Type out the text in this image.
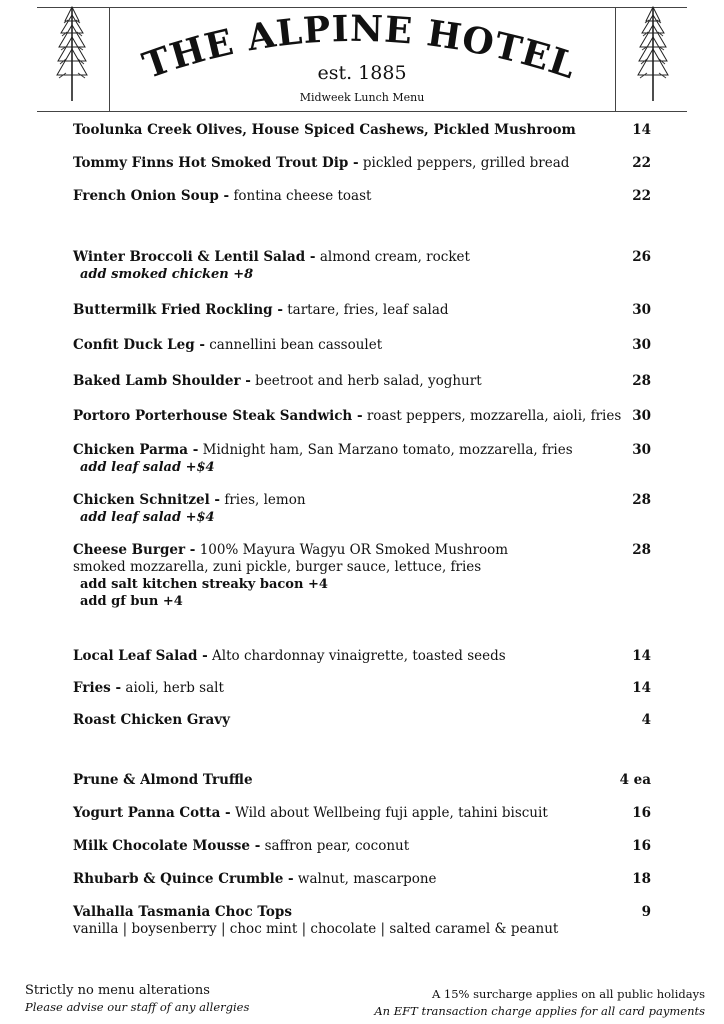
THE ALPINE HOTEL
est. 1885
Midweek Lunch Menu
Toolunka Creek Olives, House Spiced Cashews, Pickled Mushroom	14
Tommy Finns Hot Smoked Trout Dip - pickled peppers, grilled bread	22
French Onion Soup - fontina cheese toast	22
Winter Broccoli & Lentil Salad - almond cream, rocket	26
add smoked chicken +8
Buttermilk Fried Rockling - tartare, fries, leaf salad	30
Confit Duck Leg - cannellini bean cassoulet	30
Baked Lamb Shoulder - beetroot and herb salad, yoghurt	28
Portoro Porterhouse Steak Sandwich - roast peppers, mozzarella, aioli, fries 30
Chicken Parma - Midnight ham, San Marzano tomato, mozzarella, fries	30
add leaf salad +$4
Chicken Schnitzel - fries, lemon	28
add leaf salad +$4
Cheese Burger - 100% Mayura Wagyu OR Smoked Mushroom	28
smoked mozzarella, zuni pickle, burger sauce, lettuce, fries
add salt kitchen streaky bacon +4
add gf bun +4
Local Leaf Salad - Alto chardonnay vinaigrette, toasted seeds	14
Fries - aioli, herb salt	14
Roast Chicken Gravy	4
Prune & Almond Truffle	4 ea
Yogurt Panna Cotta - Wild about Wellbeing fuji apple, tahini biscuit	16
Milk Chocolate Mousse - saffron pear, coconut	16
Rhubarb & Quince Crumble - walnut, mascarpone	18
Valhalla Tasmania Choc Tops	9
vanilla | boysenberry | choc mint | chocolate | salted caramel & peanut
Strictly no menu alterations
Please advise our staff of any allergies
A 15% surcharge applies on all public holidays
An EFT transaction charge applies for all card payments
